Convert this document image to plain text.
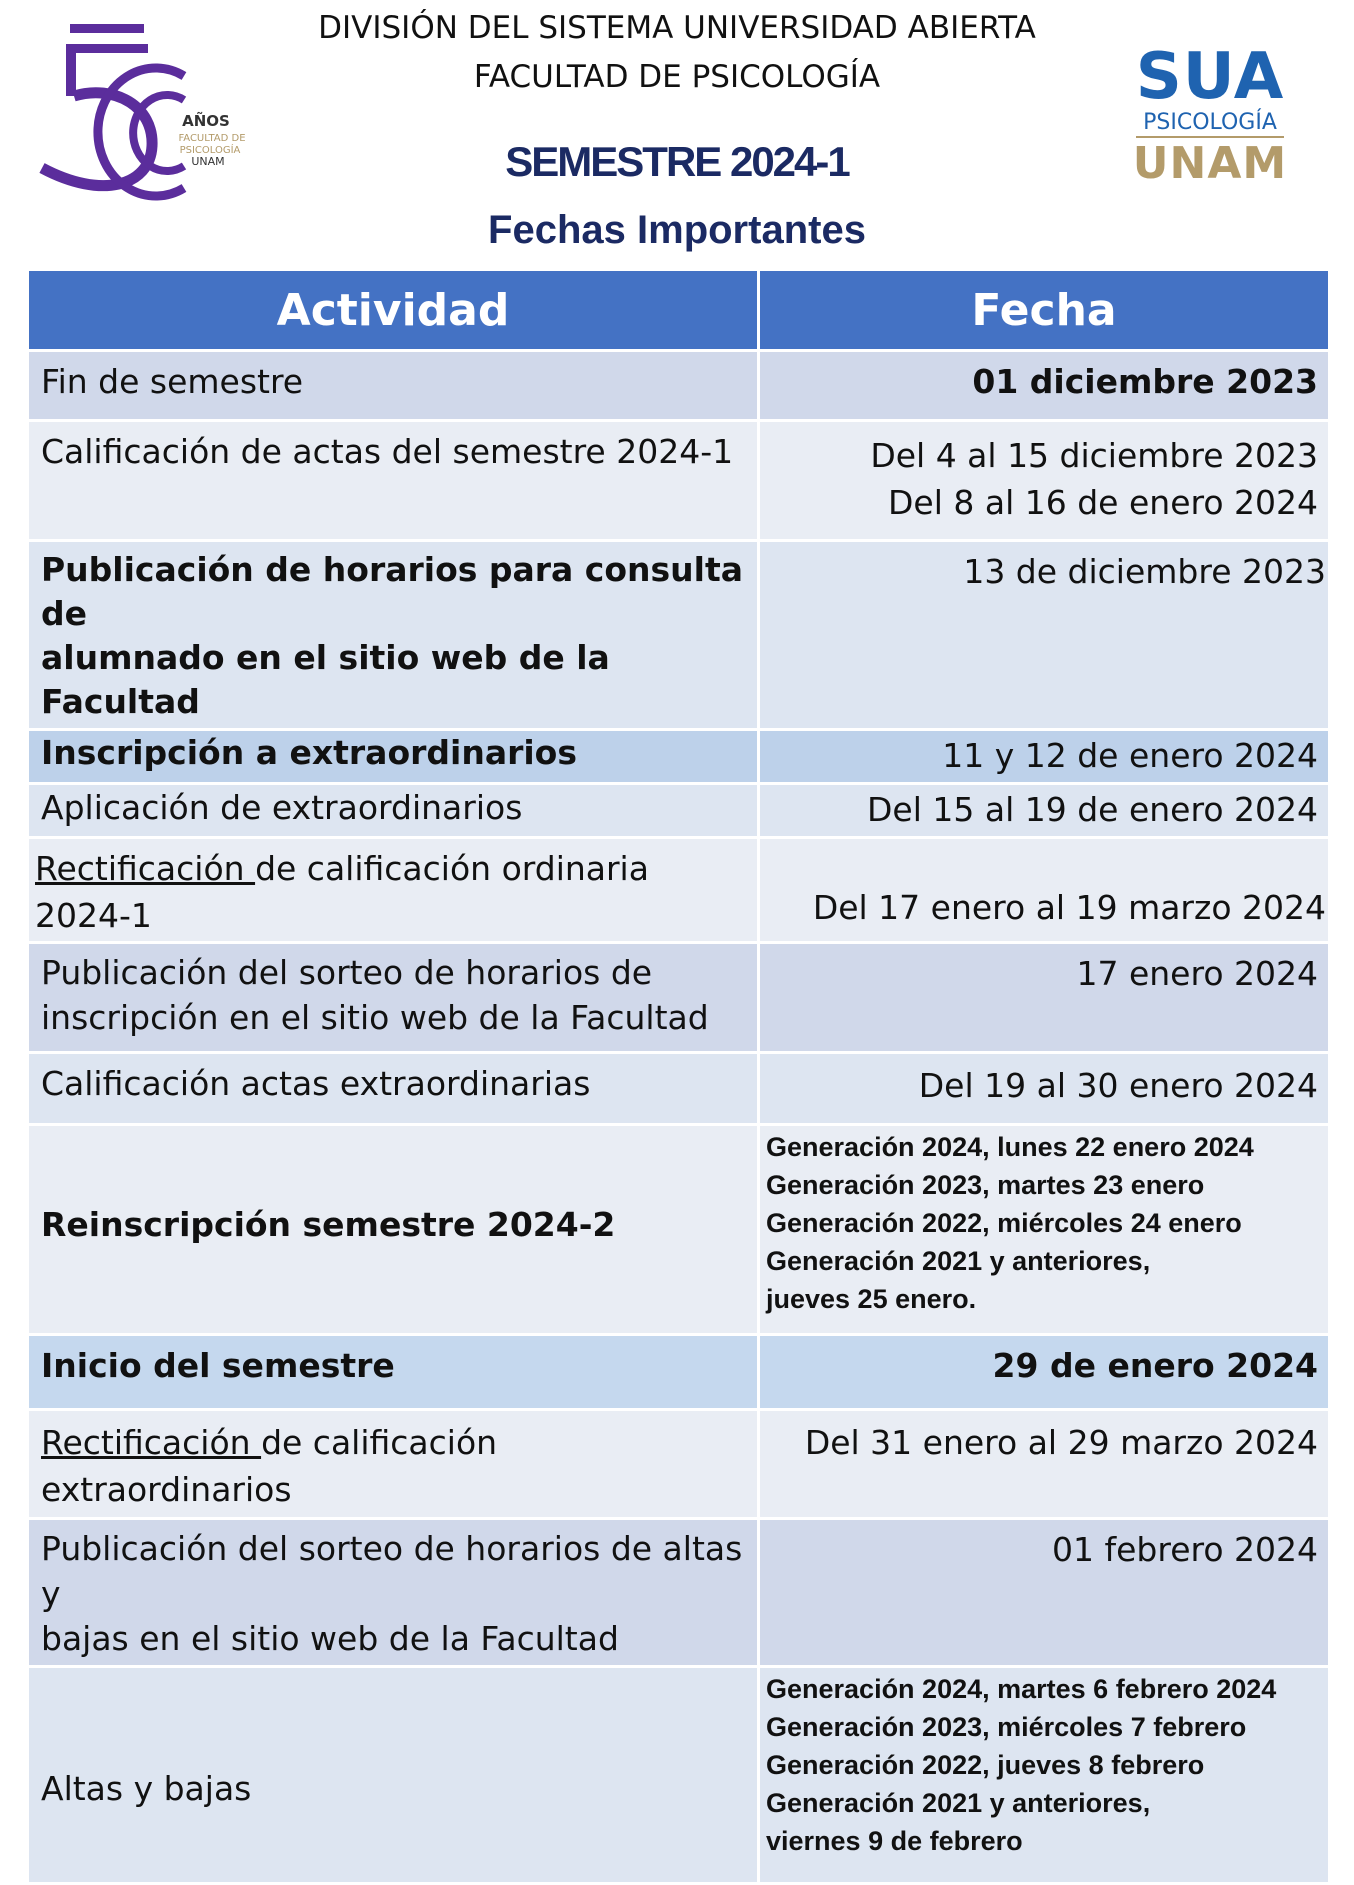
DIVISIÓN DEL SISTEMA UNIVERSIDAD ABIERTA
FACULTAD DE PSICOLOGÍA
SEMESTRE 2024-1
Fechas Importantes
AÑOS
FACULTAD DE
PSICOLOGÍA
UNAM
SUA
PSICOLOGÍA
UNAM
Actividad	Fecha
Fin de semestre	01 diciembre 2023
Calificación de actas del semestre 2024-1	Del 4 al 15 diciembre 2023
Del 8 al 16 de enero 2024

Publicación de horarios para consulta de
alumnado en el sitio web de la Facultad	13 de diciembre 2023
Inscripción a extraordinarios	11 y 12 de enero 2024
Aplicación de extraordinarios	Del 15 al 19 de enero 2024
Rectificación de calificación ordinaria 2024-1	Del 17 enero al 19 marzo 2024

Publicación del sorteo de horarios de
inscripción en el sitio web de la Facultad	17 enero 2024
Calificación actas extraordinarias	Del 19 al 30 enero 2024
Reinscripción semestre 2024-2	Generación 2024, lunes 22 enero 2024
Generación 2023, martes 23 enero
Generación 2022, miércoles 24 enero
Generación 2021 y anteriores,
jueves 25 enero.

Inicio del semestre	29 de enero 2024
Rectificación de calificación extraordinarios	Del 31 enero al 29 marzo 2024

Publicación del sorteo de horarios de altas y
bajas en el sitio web de la Facultad	01 febrero 2024
Altas y bajas	Generación 2024, martes 6 febrero 2024
Generación 2023, miércoles 7 febrero
Generación 2022, jueves 8 febrero
Generación 2021 y anteriores,
viernes 9 de febrero
